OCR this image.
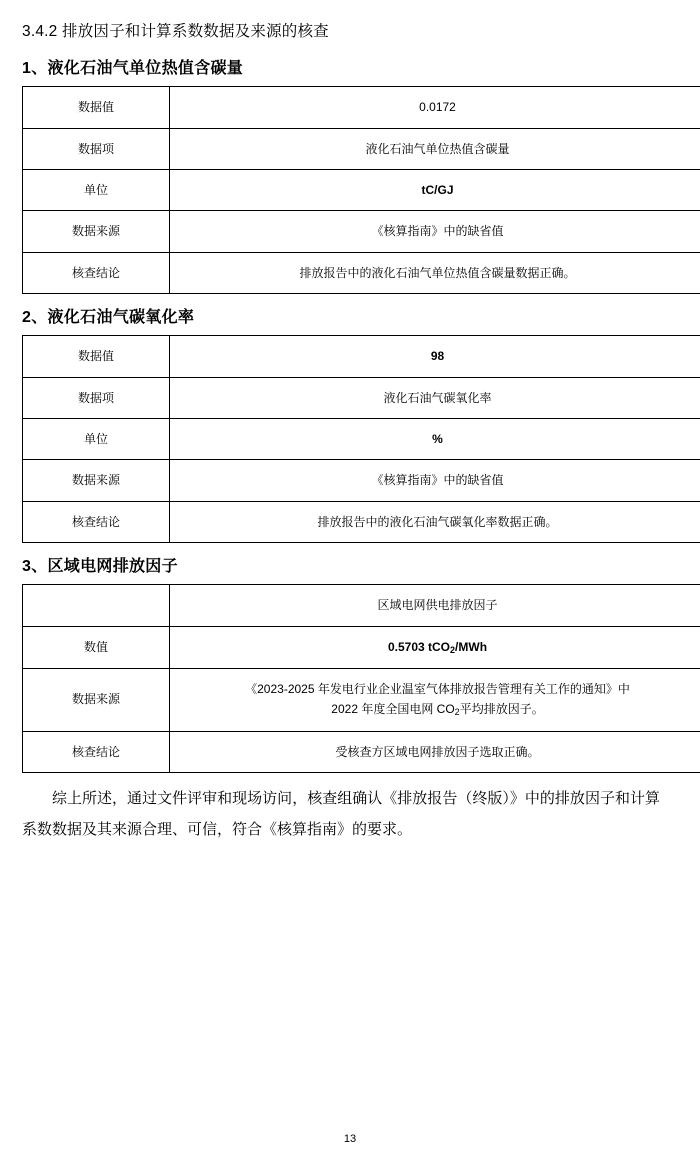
3.4.2 排放因子和计算系数数据及来源的核查
1、液化石油气单位热值含碳量
数据值	0.0172
数据项	液化石油气单位热值含碳量
单位	tC/GJ
数据来源	《核算指南》中的缺省值
核查结论	排放报告中的液化石油气单位热值含碳量数据正确。
2、液化石油气碳氧化率
数据值	98
数据项	液化石油气碳氧化率
单位	%
数据来源	《核算指南》中的缺省值
核查结论	排放报告中的液化石油气碳氧化率数据正确。
3、区域电网排放因子
	区域电网供电排放因子
数值	0.5703 tCO$_2$/MWh
数据来源	《2023-2025 年发电行业企业温室气体排放报告管理有关工作的通知》中
2022 年度全国电网 $CO_2$平均排放因子。
核查结论	受核查方区域电网排放因子选取正确。

综上所述，通过文件评审和现场访问，核查组确认《排放报告（终版）》中的排放因子和计算系数数据及其来源合理、可信，符合《核算指南》的要求。

13
